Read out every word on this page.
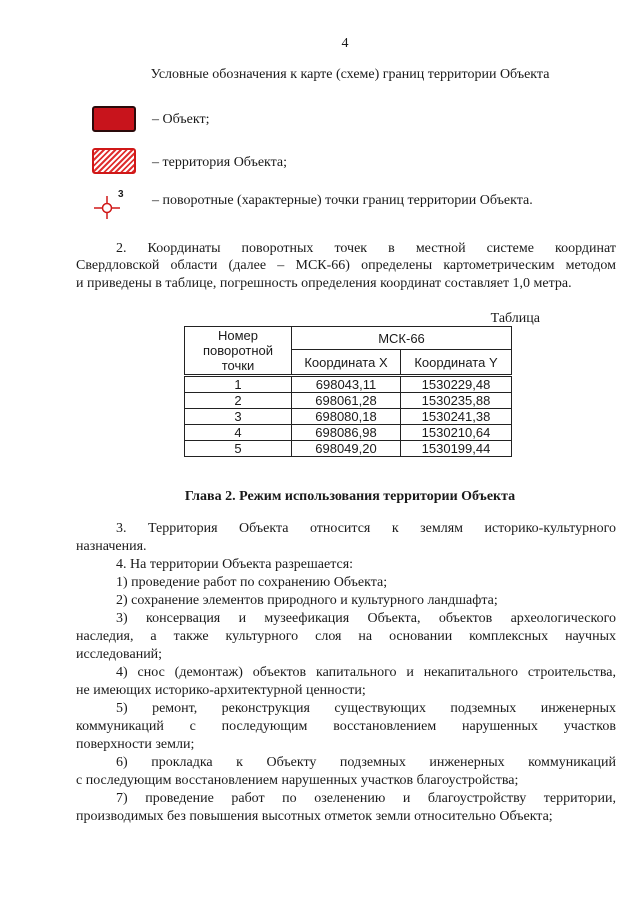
4
Условные обозначения к карте (схеме) границ территории Объекта
– Объект;
– территория Объекта;
3 – поворотные (характерные) точки границ территории Объекта.
2. Координаты поворотных точек в местной системе координат
Свердловской области (далее – МСК-66) определены картометрическим методом
и приведены в таблице, погрешность определения координат составляет 1,0 метра.
Таблица
Номер поворотной точки	МСК-66	
	Координата X	Координата Y
1	698043,11	1530229,48
2	698061,28	1530235,88
3	698080,18	1530241,38
4	698086,98	1530210,64
5	698049,20	1530199,44
Глава 2. Режим использования территории Объекта
3. Территория Объекта относится к землям историко-культурного
назначения.
4. На территории Объекта разрешается:
1) проведение работ по сохранению Объекта;
2) сохранение элементов природного и культурного ландшафта;
3) консервация и музеефикация Объекта, объектов археологического
наследия, а также культурного слоя на основании комплексных научных
исследований;
4) снос (демонтаж) объектов капитального и некапитального строительства,
не имеющих историко-архитектурной ценности;
5) ремонт, реконструкция существующих подземных инженерных
коммуникаций с последующим восстановлением нарушенных участков
поверхности земли;
6) прокладка к Объекту подземных инженерных коммуникаций
с последующим восстановлением нарушенных участков благоустройства;
7) проведение работ по озеленению и благоустройству территории,
производимых без повышения высотных отметок земли относительно Объекта;
